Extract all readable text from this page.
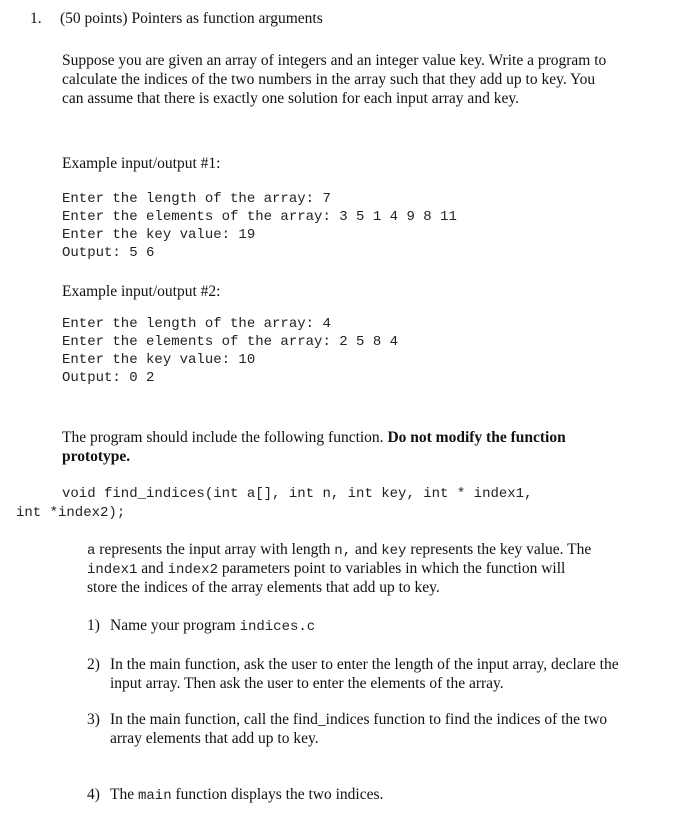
1. (50 points) Pointers as function arguments
Suppose you are given an array of integers and an integer value key. Write a program to
calculate the indices of the two numbers in the array such that they add up to key. You
can assume that there is exactly one solution for each input array and key.
Example input/output #1:
Enter the length of the array: 7
Enter the elements of the array: 3 5 1 4 9 8 11
Enter the key value: 19
Output: 5 6
Example input/output #2:
Enter the length of the array: 4
Enter the elements of the array: 2 5 8 4
Enter the key value: 10
Output: 0 2
The program should include the following function. Do not modify the function
prototype.
void find_indices(int a[], int n, int key, int * index1,
int *index2);
a represents the input array with length n, and key represents the key value. The
index1 and index2 parameters point to variables in which the function will
store the indices of the array elements that add up to key.
1) Name your program indices.c
2) In the main function, ask the user to enter the length of the input array, declare the
input array. Then ask the user to enter the elements of the array.
3) In the main function, call the find_indices function to find the indices of the two
array elements that add up to key.
4) The main function displays the two indices.
